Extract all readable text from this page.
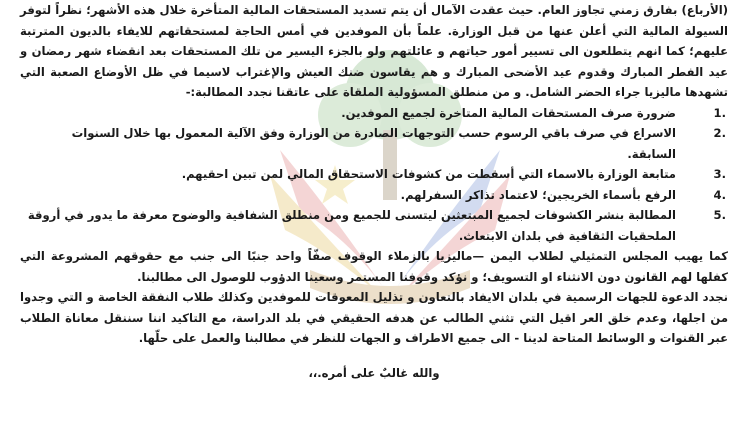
(الأرباع) بفارق زمني تجاوز العام. حيث عقدت الآمال أن يتم تسديد المستحقات المالية المتأخرة خلال هذه الأشهر؛ نظراً لتوفر السيولة المالية التي أعلن عنها من قبل الوزارة. علماً بأن الموفدين في أمس الحاجة لمستحقاتهم للايفاء بالديون المترتبة عليهم؛ كما انهم يتطلعون الى تسيير أمور حياتهم و عائلتهم ولو بالجزء اليسير من تلك المستحقات بعد انقضاء شهر رمضان و عيد الفطر المبارك وقدوم عيد الأضحى المبارك و هم يقاسون ضنك العيش والإغتراب لاسيما في ظل الأوضاع الصعبة التي تشهدها ماليزيا جراء الحضر الشامل. و من منطلق المسؤولية الملقاة على عاتقنا نجدد المطالبة:-

1.
ضرورة صرف المستحقات المالية المتاخرة لجميع الموفدين.
2.
الاسراع في صرف باقي الرسوم حسب التوجهات الصادرة من الوزارة وفق الآلية المعمول بها خلال السنوات السابقة.
3.
متابعة الوزارة بالاسماء التي أسقطت من كشوفات الاستحقاق المالي لمن تبين احقيهم.
4.
الرفع بأسماء الخريجين؛ لاعتماد تذاكر السفرلهم.
5.
المطالبة بنشر الكشوفات لجميع المبتعثين ليتسنى للجميع ومن منطلق الشفافية والوضوح معرفة ما يدور في أروقة الملحقيات الثقافية في بلدان الابتعاث.

كما يهيب المجلس التمثيلي لطلاب اليمن —ماليزيا بالزملاء الوقوف صفّاً واحد جنبًا الى جنب مع حقوقهم المشروعة التي كفلها لهم القانون دون الانثناء او التسويف؛ و نؤكد وقوفنا المستمر وسعينا الدؤوب للوصول الى مطالبنا.

نجدد الدعوة للجهات الرسمية في بلدان الايفاد بالتعاون و تذليل المعوقات للموفدين وكذلك طلاب النفقة الخاصة و التي وجدوا من اجلها، وعدم خلق العر اقيل التي تثني الطالب عن هدفه الحقيقي في بلد الدراسة، مع التاكيد اننا سننقل معاناة الطلاب عبر القنوات و الوسائط المتاحة لدينا - الى جميع الاطراف و الجهات للنظر في مطالبنا والعمل على حلّها.

والله غالبٌ على أمره.،،
